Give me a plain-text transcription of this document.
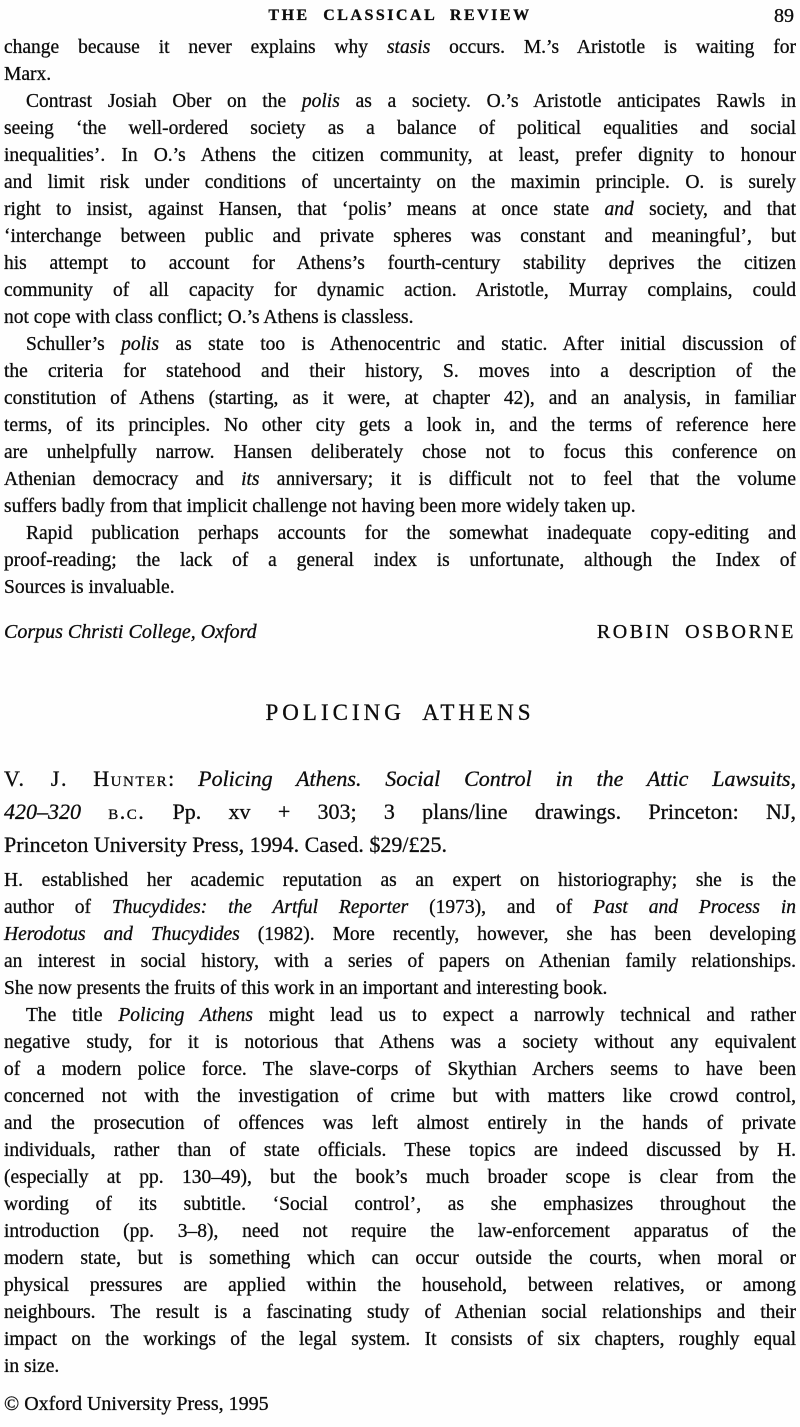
THE CLASSICAL REVIEW	89
change because it never explains why stasis occurs. M.’s Aristotle is waiting for
Marx.
Contrast Josiah Ober on the polis as a society. O.’s Aristotle anticipates Rawls in
seeing ‘the well-ordered society as a balance of political equalities and social
inequalities’. In O.’s Athens the citizen community, at least, prefer dignity to honour
and limit risk under conditions of uncertainty on the maximin principle. O. is surely
right to insist, against Hansen, that ‘polis’ means at once state and society, and that
‘interchange between public and private spheres was constant and meaningful’, but
his attempt to account for Athens’s fourth-century stability deprives the citizen
community of all capacity for dynamic action. Aristotle, Murray complains, could
not cope with class conflict; O.’s Athens is classless.
Schuller’s polis as state too is Athenocentric and static. After initial discussion of
the criteria for statehood and their history, S. moves into a description of the
constitution of Athens (starting, as it were, at chapter 42), and an analysis, in familiar
terms, of its principles. No other city gets a look in, and the terms of reference here
are unhelpfully narrow. Hansen deliberately chose not to focus this conference on
Athenian democracy and its anniversary; it is difficult not to feel that the volume
suffers badly from that implicit challenge not having been more widely taken up.
Rapid publication perhaps accounts for the somewhat inadequate copy-editing and
proof-reading; the lack of a general index is unfortunate, although the Index of
Sources is invaluable.
Corpus Christi College, Oxford	ROBIN OSBORNE
POLICING ATHENS
V. J. Hunter: Policing Athens. Social Control in the Attic Lawsuits,
420–320 b.c. Pp. xv + 303; 3 plans/line drawings. Princeton: NJ,
Princeton University Press, 1994. Cased. $29/£25.
H. established her academic reputation as an expert on historiography; she is the
author of Thucydides: the Artful Reporter (1973), and of Past and Process in
Herodotus and Thucydides (1982). More recently, however, she has been developing
an interest in social history, with a series of papers on Athenian family relationships.
She now presents the fruits of this work in an important and interesting book.
The title Policing Athens might lead us to expect a narrowly technical and rather
negative study, for it is notorious that Athens was a society without any equivalent
of a modern police force. The slave-corps of Skythian Archers seems to have been
concerned not with the investigation of crime but with matters like crowd control,
and the prosecution of offences was left almost entirely in the hands of private
individuals, rather than of state officials. These topics are indeed discussed by H.
(especially at pp. 130–49), but the book’s much broader scope is clear from the
wording of its subtitle. ‘Social control’, as she emphasizes throughout the
introduction (pp. 3–8), need not require the law-enforcement apparatus of the
modern state, but is something which can occur outside the courts, when moral or
physical pressures are applied within the household, between relatives, or among
neighbours. The result is a fascinating study of Athenian social relationships and their
impact on the workings of the legal system. It consists of six chapters, roughly equal
in size.
© Oxford University Press, 1995
